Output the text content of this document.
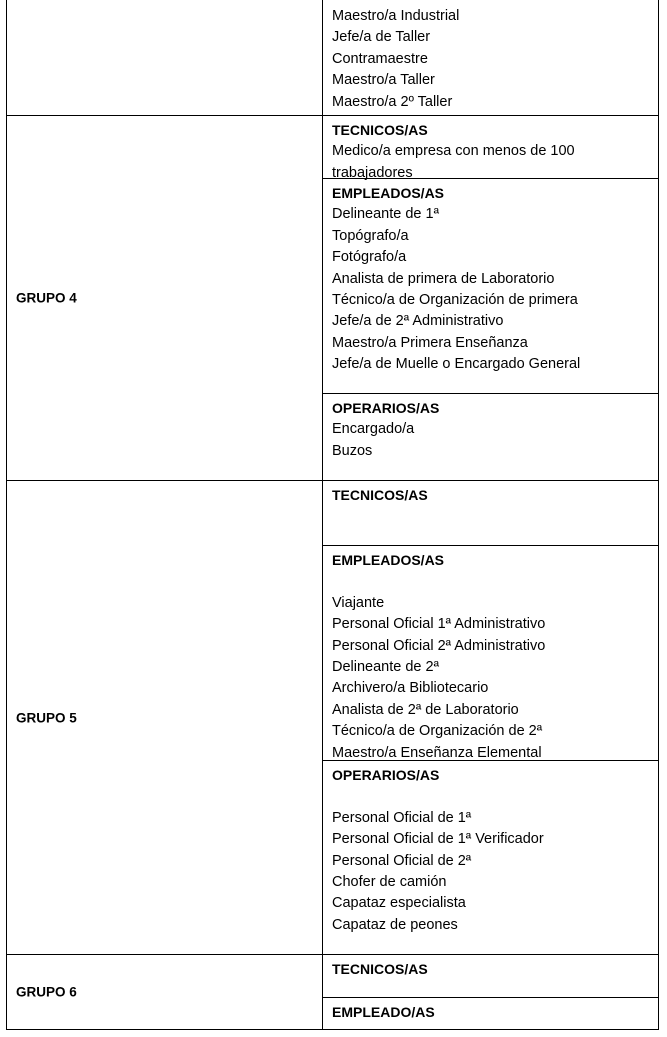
Maestro/a Industrial
Jefe/a de Taller
Contramaestre
Maestro/a Taller
Maestro/a 2º Taller
GRUPO 4
TECNICOS/AS
Medico/a empresa con menos de 100
trabajadores
EMPLEADOS/AS
Delineante de 1ª
Topógrafo/a
Fotógrafo/a
Analista de primera de Laboratorio
Técnico/a de Organización de primera
Jefe/a de 2ª Administrativo
Maestro/a Primera Enseñanza
Jefe/a de Muelle o Encargado General
OPERARIOS/AS
Encargado/a
Buzos
GRUPO 5
TECNICOS/AS
EMPLEADOS/AS
Viajante
Personal Oficial 1ª Administrativo
Personal Oficial 2ª Administrativo
Delineante de 2ª
Archivero/a Bibliotecario
Analista de 2ª de Laboratorio
Técnico/a de Organización de 2ª
Maestro/a Enseñanza Elemental
OPERARIOS/AS
Personal Oficial de 1ª
Personal Oficial de 1ª Verificador
Personal Oficial de 2ª
Chofer de camión
Capataz especialista
Capataz de peones
GRUPO 6
TECNICOS/AS
EMPLEADO/AS
